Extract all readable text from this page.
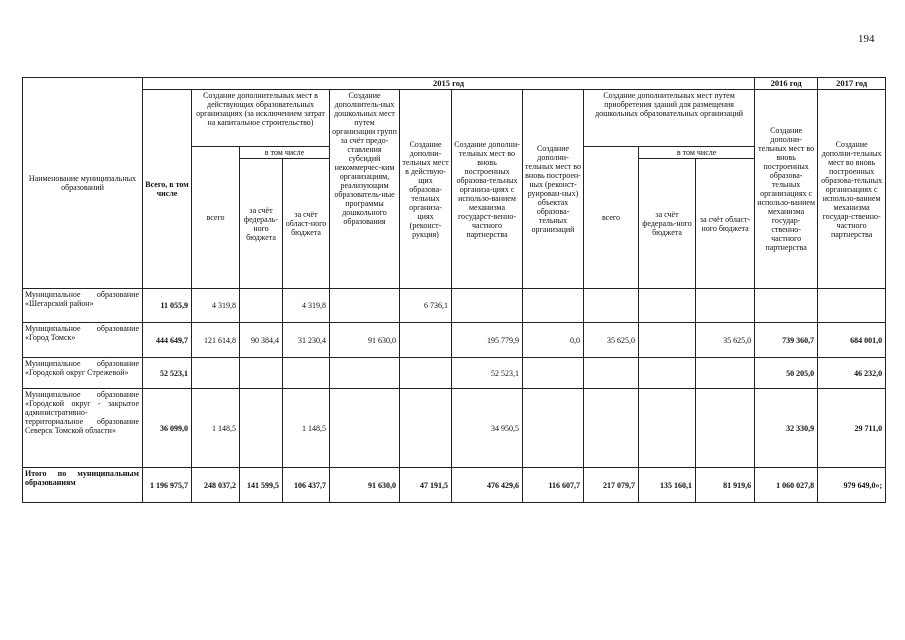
194
Наименование муниципальных образований	2015 год											2016 год	2017 год
	Всего, в том числе	Создание дополнительных мест в действующих образовательных организациях (за исключением затрат на капитальное строительство)			Создание дополнитель-ных дошкольных мест путем организации групп за счёт предо-ставления субсидий некоммерчес-ким организациям, реализующим образователь-ные программы дошкольного образования	Создание дополни-тельных мест в действую-щих образова-тельных организа-циях (реконст-рукция)	Создание дополни-тельных мест во вновь построенных образова-тельных организа-циях с использо-ванием механизма государст-венно-частного партнерства	Создание дополни-тельных мест во вновь построен-ных (реконст-руирован-ных) объектах образова-тельных организаций	Создание дополнительных мест путем приобретения зданий для размещения дошкольных образовательных организаций			Создание дополни-тельных мест во вновь построенных образова-тельных организациях с использо-ванием механизма государ-ственно-частного партнерства	Создание дополни-тельных мест во вновь построенных образова-тельных организациях с использо-ванием механизма государ-ственно-частного партнерства
		всего	в том числе						всего	в том числе			
			за счёт федераль-ного бюджета	за счёт област-ного бюджета						за счёт федераль-ного бюджета	за счёт област-ного бюджета		
Муниципальное образование «Шегарский район»	11 055,9	4 319,8		4 319,8		6 736,1							
Муниципальное образование «Город Томск»	444 649,7	121 614,8	90 384,4	31 230,4	91 630,0		195 779,9	0,0	35 625,0		35 625,0	739 360,7	684 001,0
Муниципальное образование «Городской округ Стрежевой»	52 523,1						52 523,1					50 205,0	46 232,0
Муниципальное образование «Городской округ - закрытое административно-территориальное образование Северск Томской области»	36 099,0	1 148,5		1 148,5			34 950,5					32 330,9	29 711,0
Итого по муниципальным образованиям	1 196 975,7	248 037,2	141 599,5	106 437,7	91 630,0	47 191,5	476 429,6	116 607,7	217 079,7	135 160,1	81 919,6	1 060 027,8	979 649,0»;
